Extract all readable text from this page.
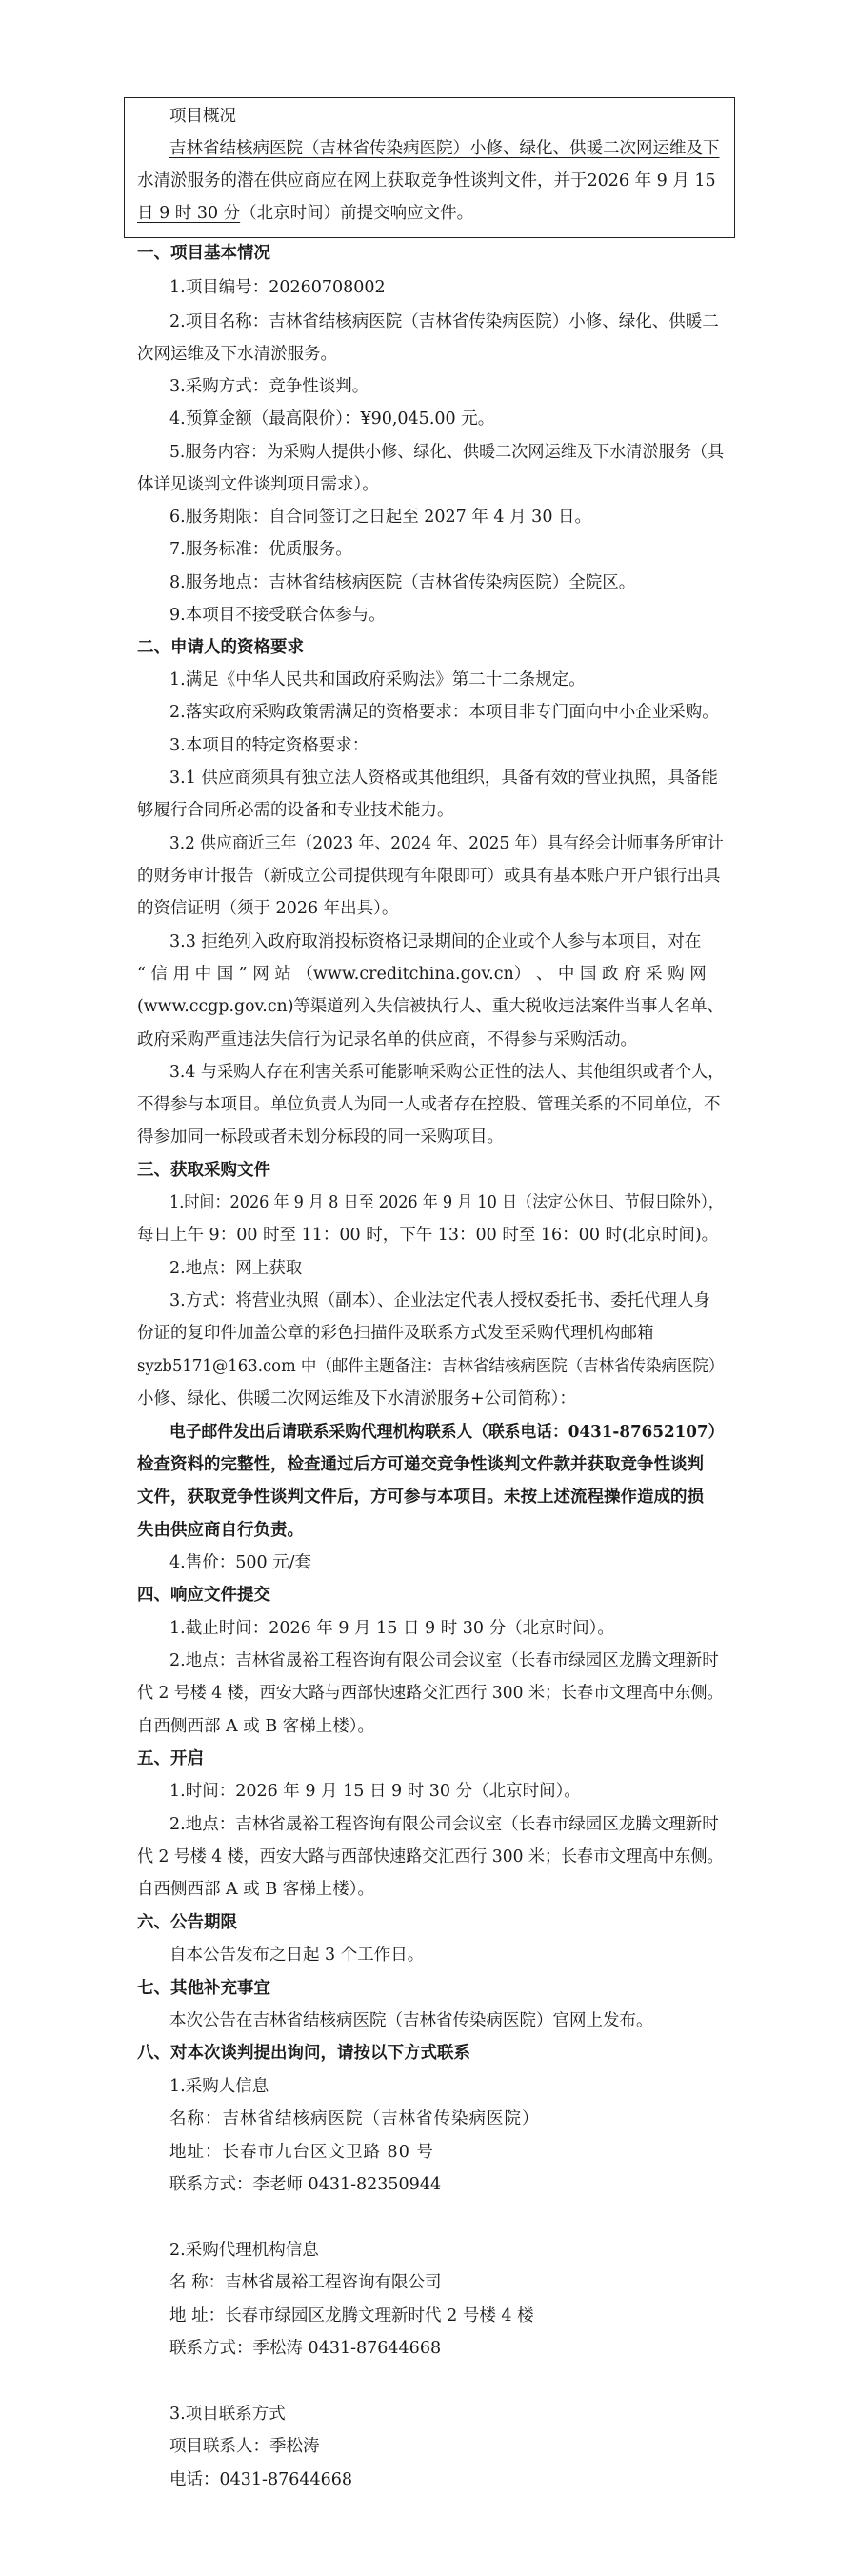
项目概况
吉林省结核病医院（吉林省传染病医院）小修、绿化、供暖二次网运维及下
水清淤服务的潜在供应商应在网上获取竞争性谈判文件，并于2026 年 9 月 15
日 9 时 30 分（北京时间）前提交响应文件。
一、项目基本情况
1.项目编号：20260708002
2.项目名称：吉林省结核病医院（吉林省传染病医院）小修、绿化、供暖二
次网运维及下水清淤服务。
3.采购方式：竞争性谈判。
4.预算金额（最高限价）：¥90,045.00 元。
5.服务内容：为采购人提供小修、绿化、供暖二次网运维及下水清淤服务（具
体详见谈判文件谈判项目需求）。
6.服务期限：自合同签订之日起至 2027 年 4 月 30 日。
7.服务标准：优质服务。
8.服务地点：吉林省结核病医院（吉林省传染病医院）全院区。
9.本项目不接受联合体参与。
二、申请人的资格要求
1.满足《中华人民共和国政府采购法》第二十二条规定。
2.落实政府采购政策需满足的资格要求：本项目非专门面向中小企业采购。
3.本项目的特定资格要求：
3.1 供应商须具有独立法人资格或其他组织，具备有效的营业执照，具备能
够履行合同所必需的设备和专业技术能力。
3.2 供应商近三年（2023 年、2024 年、2025 年）具有经会计师事务所审计
的财务审计报告（新成立公司提供现有年限即可）或具有基本账户开户银行出具
的资信证明（须于 2026 年出具）。
3.3 拒绝列入政府取消投标资格记录期间的企业或个人参与本项目，对在
“ 信 用 中 国 ” 网 站 （www.creditchina.gov.cn） 、 中 国 政 府 采 购 网
(www.ccgp.gov.cn)等渠道列入失信被执行人、重大税收违法案件当事人名单、
政府采购严重违法失信行为记录名单的供应商，不得参与采购活动。
3.4 与采购人存在利害关系可能影响采购公正性的法人、其他组织或者个人，
不得参与本项目。单位负责人为同一人或者存在控股、管理关系的不同单位，不
得参加同一标段或者未划分标段的同一采购项目。
三、获取采购文件
1.时间：2026 年 9 月 8 日至 2026 年 9 月 10 日（法定公休日、节假日除外），
每日上午 9：00 时至 11：00 时，下午 13：00 时至 16：00 时(北京时间)。
2.地点：网上获取
3.方式：将营业执照（副本）、企业法定代表人授权委托书、委托代理人身
份证的复印件加盖公章的彩色扫描件及联系方式发至采购代理机构邮箱
syzb5171@163.com 中（邮件主题备注：吉林省结核病医院（吉林省传染病医院）
小修、绿化、供暖二次网运维及下水清淤服务+公司简称）：
电子邮件发出后请联系采购代理机构联系人（联系电话：0431-87652107）
检查资料的完整性，检查通过后方可递交竞争性谈判文件款并获取竞争性谈判
文件，获取竞争性谈判文件后，方可参与本项目。未按上述流程操作造成的损
失由供应商自行负责。
4.售价：500 元/套
四、响应文件提交
1.截止时间：2026 年 9 月 15 日 9 时 30 分（北京时间）。
2.地点：吉林省晟裕工程咨询有限公司会议室（长春市绿园区龙腾文理新时
代 2 号楼 4 楼，西安大路与西部快速路交汇西行 300 米；长春市文理高中东侧。
自西侧西部 A 或 B 客梯上楼）。
五、开启
1.时间：2026 年 9 月 15 日 9 时 30 分（北京时间）。
2.地点：吉林省晟裕工程咨询有限公司会议室（长春市绿园区龙腾文理新时
代 2 号楼 4 楼，西安大路与西部快速路交汇西行 300 米；长春市文理高中东侧。
自西侧西部 A 或 B 客梯上楼）。
六、公告期限
自本公告发布之日起 3 个工作日。
七、其他补充事宜
本次公告在吉林省结核病医院（吉林省传染病医院）官网上发布。
八、对本次谈判提出询问，请按以下方式联系
1.采购人信息
名称：吉林省结核病医院（吉林省传染病医院）
地址：长春市九台区文卫路 80 号
联系方式：李老师 0431-82350944
2.采购代理机构信息
名 称：吉林省晟裕工程咨询有限公司
地 址：长春市绿园区龙腾文理新时代 2 号楼 4 楼
联系方式：季松涛 0431-87644668
3.项目联系方式
项目联系人：季松涛
电话：0431-87644668
